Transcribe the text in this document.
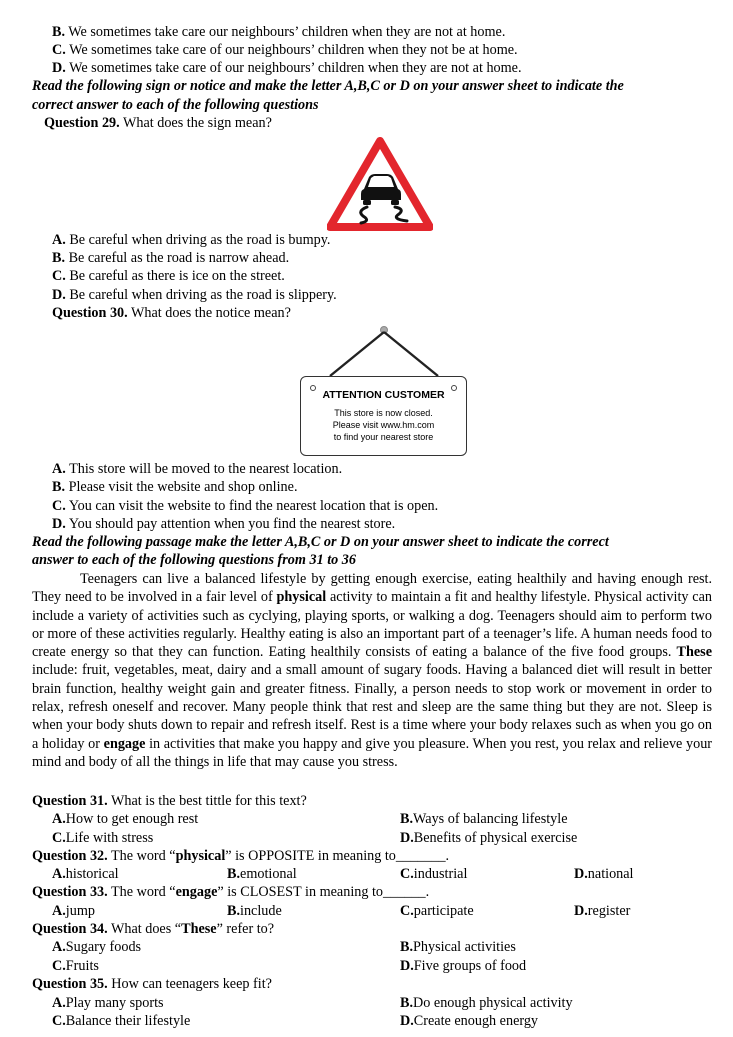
B. We sometimes take care our neighbours’ children when they are not at home.
C. We sometimes take care of our neighbours’ children when they not be at home.
D. We sometimes take care of our neighbours’ children when they are not at home.
Read the following sign or notice and make the letter A,B,C or D on your answer sheet to indicate the
correct answer to each of the following questions
Question 29. What does the sign mean?
A. Be careful when driving as the road is bumpy.
B. Be careful as the road is narrow ahead.
C. Be careful as there is ice on the street.
D. Be careful when driving as the road is slippery.
Question 30. What does the notice mean?
ATTENTION CUSTOMER
This store is now closed.
Please visit www.hm.com
to find your nearest store
A. This store will be moved to the nearest location.
B. Please visit the website and shop online.
C. You can visit the website to find the nearest location that is open.
D. You should pay attention when you find the nearest store.
Read the following passage make the letter A,B,C or D on your answer sheet to indicate the correct
answer to each of the following questions from 31 to 36
Teenagers can live a balanced lifestyle by getting enough exercise, eating healthily and having enough rest. They need to be involved in a fair level of physical activity to maintain a fit and healthy lifestyle. Physical activity can include a variety of activities such as cyclying, playing sports, or walking a dog. Teenagers should aim to perform two or more of these activities regularly. Healthy eating is also an important part of a teenager’s life. A human needs food to create energy so that they can function. Eating healthily consists of eating a balance of the five food groups. These include: fruit, vegetables, meat, dairy and a small amount of sugary foods. Having a balanced diet will result in better brain function, healthy weight gain and greater fitness. Finally, a person needs to stop work or movement in order to relax, refresh oneself and recover. Many people think that rest and sleep are the same thing but they are not. Sleep is when your body shuts down to repair and refresh itself. Rest is a time where your body relaxes such as when you go on a holiday or engage in activities that make you happy and give you pleasure. When you rest, you relax and relieve your mind and body of all the things in life that may cause you stress.
Question 31. What is the best tittle for this text?
A. How to get enough rest	B. Ways of balancing lifestyle
C. Life with stress	D. Benefits of physical exercise
Question 32. The word “physical” is OPPOSITE in meaning to_______.
A. historical	B. emotional	C. industrial	D. national
Question 33. The word “engage” is CLOSEST in meaning to______.
A. jump	B. include	C. participate	D. register
Question 34. What does “These” refer to?
A. Sugary foods	B. Physical activities
C. Fruits	D. Five groups of food
Question 35. How can teenagers keep fit?
A. Play many sports	B. Do enough physical activity
C. Balance their lifestyle	D. Create enough energy
